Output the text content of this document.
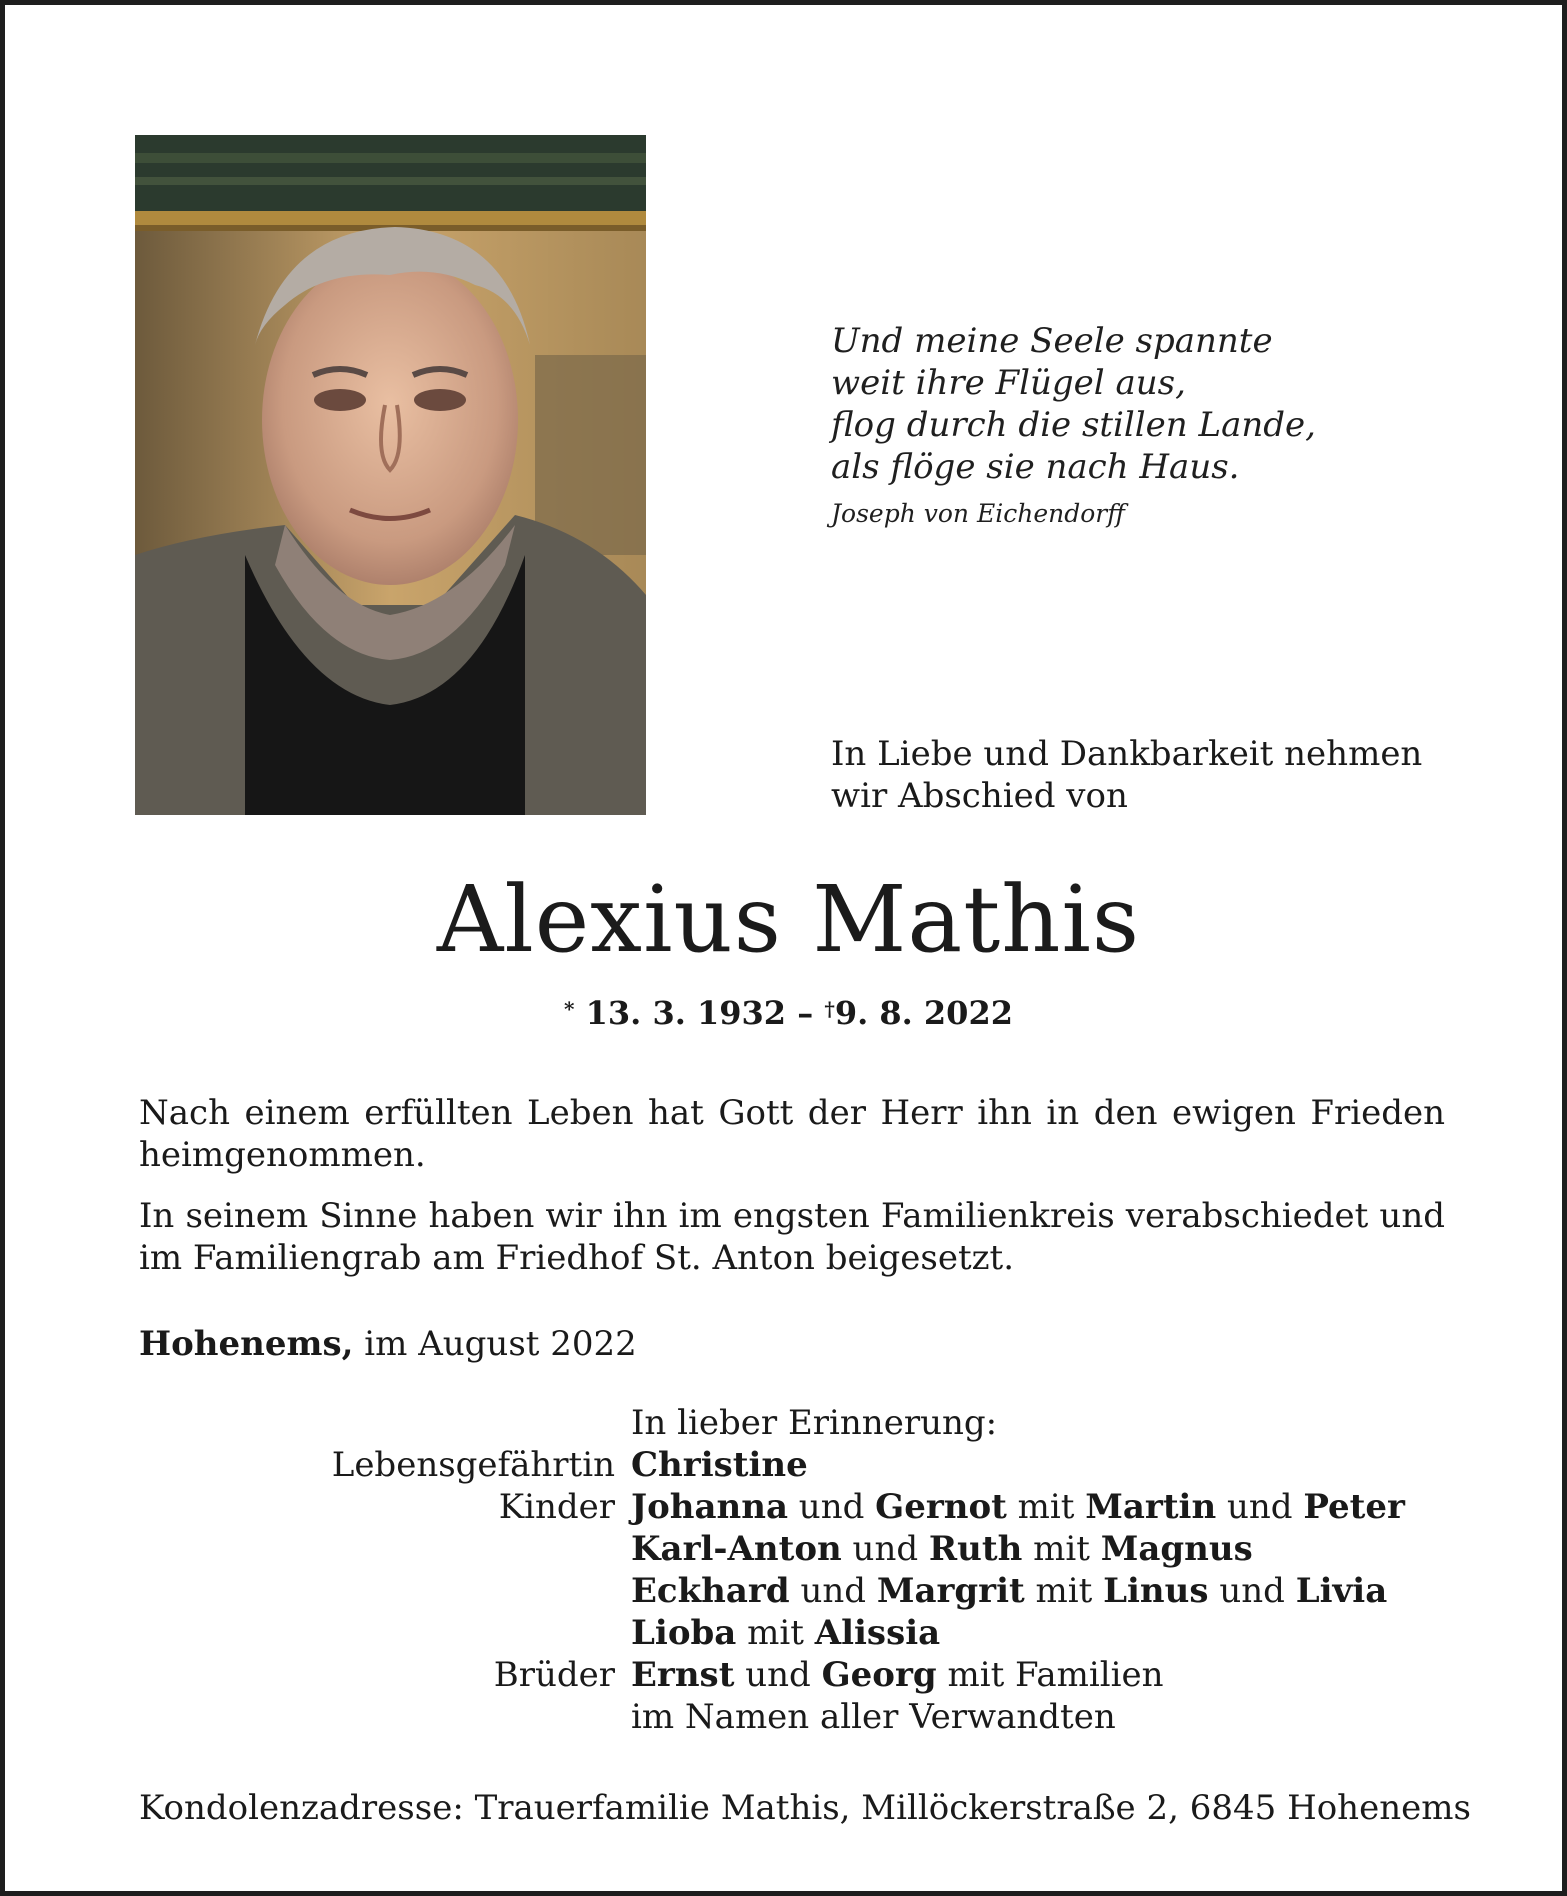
Und meine Seele spannte
weit ihre Flügel aus,
flog durch die stillen Lande,
als flöge sie nach Haus.
Joseph von Eichendorff
In Liebe und Dankbarkeit nehmen
wir Abschied von
Alexius Mathis
* 13. 3. 1932 – †9. 8. 2022
Nach einem erfüllten Leben hat Gott der Herr ihn in den ewigen Frieden heimgenommen.
In seinem Sinne haben wir ihn im engsten Familienkreis verabschiedet und im Familiengrab am Friedhof St. Anton beigesetzt.
Hohenems, im August 2022
In lieber Erinnerung:
Lebensgefährtin Christine
Kinder Johanna und Gernot mit Martin und Peter
Karl-Anton und Ruth mit Magnus
Eckhard und Margrit mit Linus und Livia
Lioba mit Alissia
Brüder Ernst und Georg mit Familien
im Namen aller Verwandten
Kondolenzadresse: Trauerfamilie Mathis, Millöckerstraße 2, 6845 Hohenems
